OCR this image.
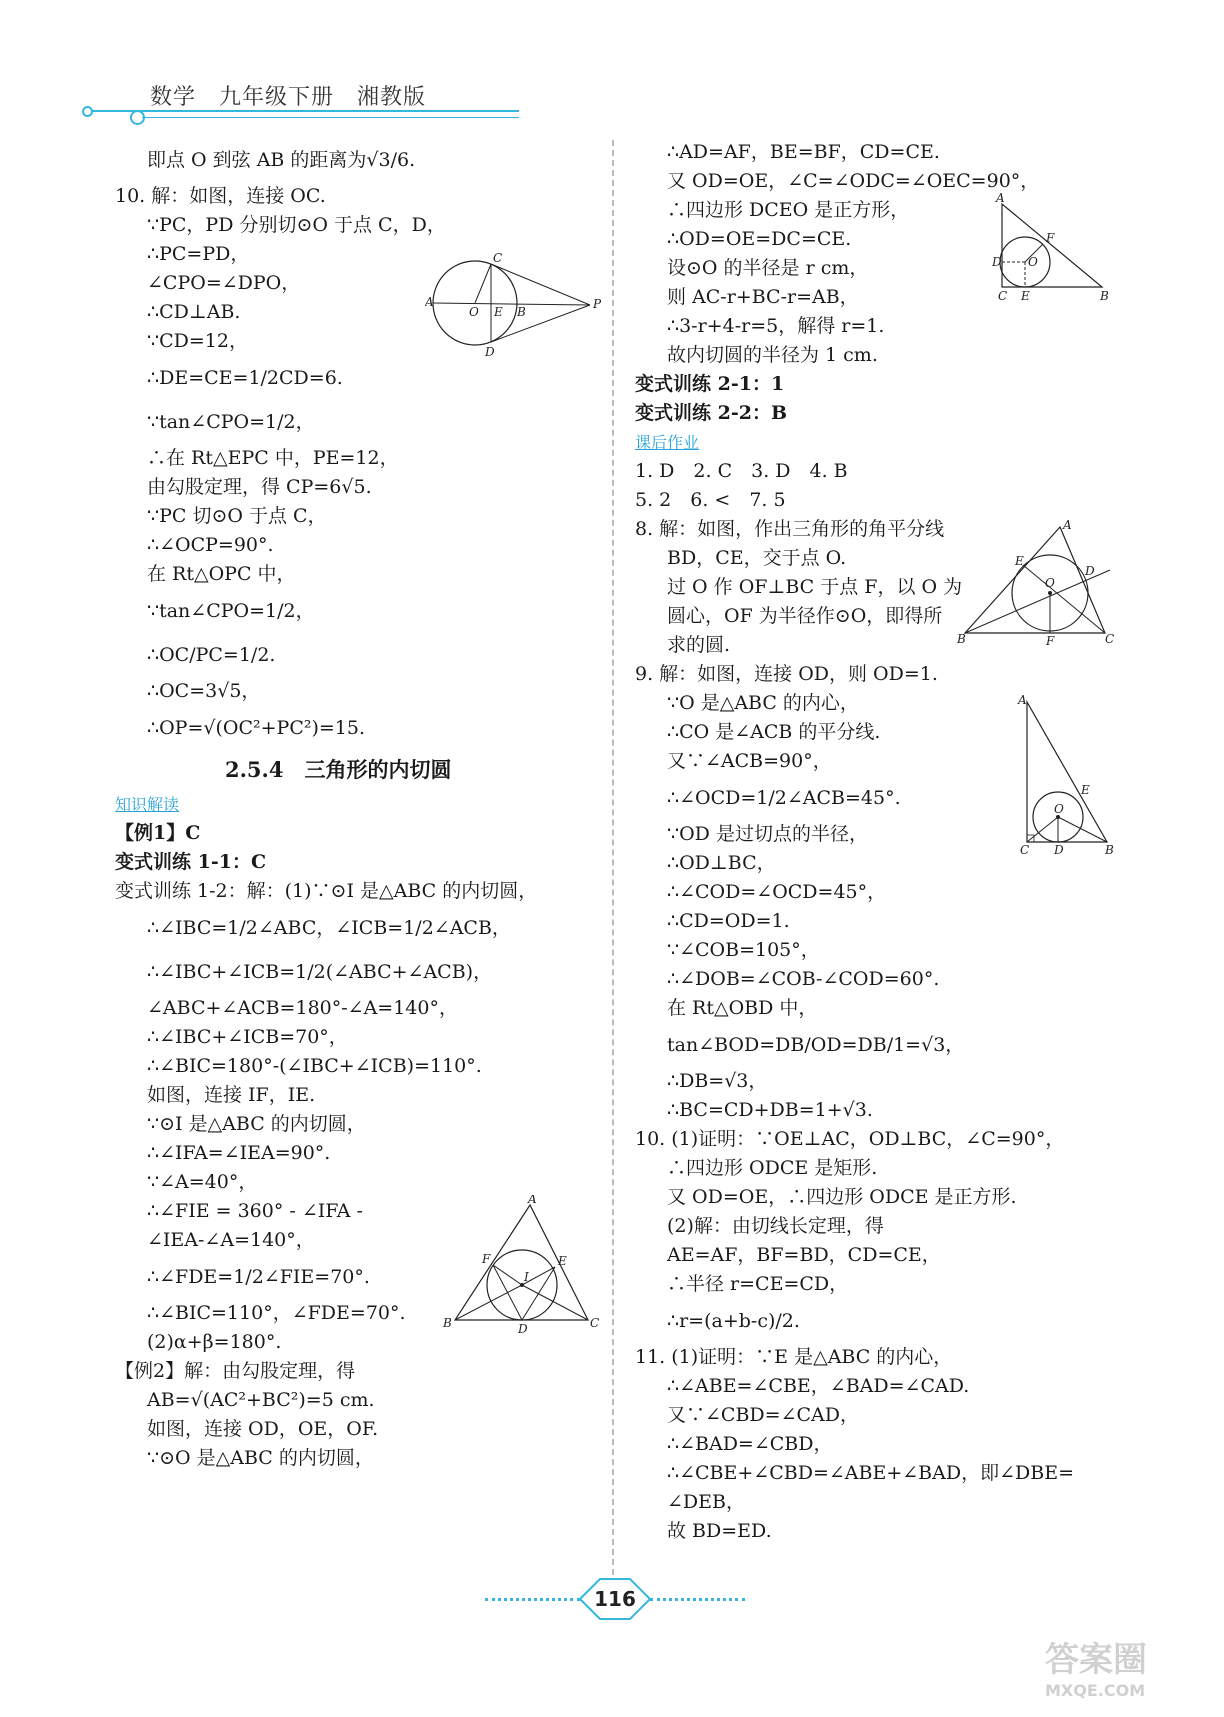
数学　九年级下册　湘教版
即点 O 到弦 AB 的距离为√3/6.
10. 解：如图，连接 OC.
∵PC，PD 分别切⊙O 于点 C，D，
∴PC=PD，
∠CPO=∠DPO，
∴CD⊥AB.
∵CD=12，
∴DE=CE=1/2CD=6.
∵tan∠CPO=1/2，
∴在 Rt△EPC 中，PE=12，
由勾股定理，得 CP=6√5.
∵PC 切⊙O 于点 C，
∴∠OCP=90°.
在 Rt△OPC 中，
∵tan∠CPO=1/2，
∴OC/PC=1/2.
∴OC=3√5，
∴OP=√(OC²+PC²)=15.
2.5.4　三角形的内切圆
知识解读
【例1】C
变式训练 1-1：C
变式训练 1-2：解：(1)∵⊙I 是△ABC 的内切圆，
∴∠IBC=1/2∠ABC，∠ICB=1/2∠ACB，
∴∠IBC+∠ICB=1/2(∠ABC+∠ACB)，
∠ABC+∠ACB=180°-∠A=140°，
∴∠IBC+∠ICB=70°，
∴∠BIC=180°-(∠IBC+∠ICB)=110°.
如图，连接 IF，IE.
∵⊙I 是△ABC 的内切圆，
∴∠IFA=∠IEA=90°.
∵∠A=40°，
∴∠FIE = 360° - ∠IFA -
∠IEA-∠A=140°，
∴∠FDE=1/2∠FIE=70°.
∴∠BIC=110°，∠FDE=70°.
(2)α+β=180°.
【例2】解：由勾股定理，得
AB=√(AC²+BC²)=5 cm.
如图，连接 OD，OE，OF.
∵⊙O 是△ABC 的内切圆，
∴AD=AF，BE=BF，CD=CE.
又 OD=OE，∠C=∠ODC=∠OEC=90°，
∴四边形 DCEO 是正方形，
∴OD=OE=DC=CE.
设⊙O 的半径是 r cm，
则 AC-r+BC-r=AB，
∴3-r+4-r=5，解得 r=1.
故内切圆的半径为 1 cm.
变式训练 2-1：1
变式训练 2-2：B
课后作业
1. D　2. C　3. D　4. B
5. 2　6. <　7. 5
8. 解：如图，作出三角形的角平分线
BD，CE，交于点 O.
过 O 作 OF⊥BC 于点 F，以 O 为
圆心，OF 为半径作⊙O，即得所
求的圆.
9. 解：如图，连接 OD，则 OD=1.
∵O 是△ABC 的内心，
∴CO 是∠ACB 的平分线.
又∵∠ACB=90°，
∴∠OCD=1/2∠ACB=45°.
∵OD 是过切点的半径，
∴OD⊥BC，
∴∠COD=∠OCD=45°，
∴CD=OD=1.
∵∠COB=105°，
∴∠DOB=∠COB-∠COD=60°.
在 Rt△OBD 中，
tan∠BOD=DB/OD=DB/1=√3，
∴DB=√3，
∴BC=CD+DB=1+√3.
10. (1)证明：∵OE⊥AC，OD⊥BC，∠C=90°，
∴四边形 ODCE 是矩形.
又 OD=OE，∴四边形 ODCE 是正方形.
(2)解：由切线长定理，得
AE=AF，BF=BD，CD=CE，
∴半径 r=CE=CD，
∴r=(a+b-c)/2.
11. (1)证明：∵E 是△ABC 的内心，
∴∠ABE=∠CBE，∠BAD=∠CAD.
又∵∠CBD=∠CAD，
∴∠BAD=∠CBD，
∴∠CBE+∠CBD=∠ABE+∠BAD，即∠DBE=
∠DEB，
故 BD=ED.
C
A
O E B
P
D
A
F
D O
C E	B
A
E
D
O
B	F	C
A
E
O
C D	B
A
F	E
I
B	D	C
116
答案圈
MXQE.COM
